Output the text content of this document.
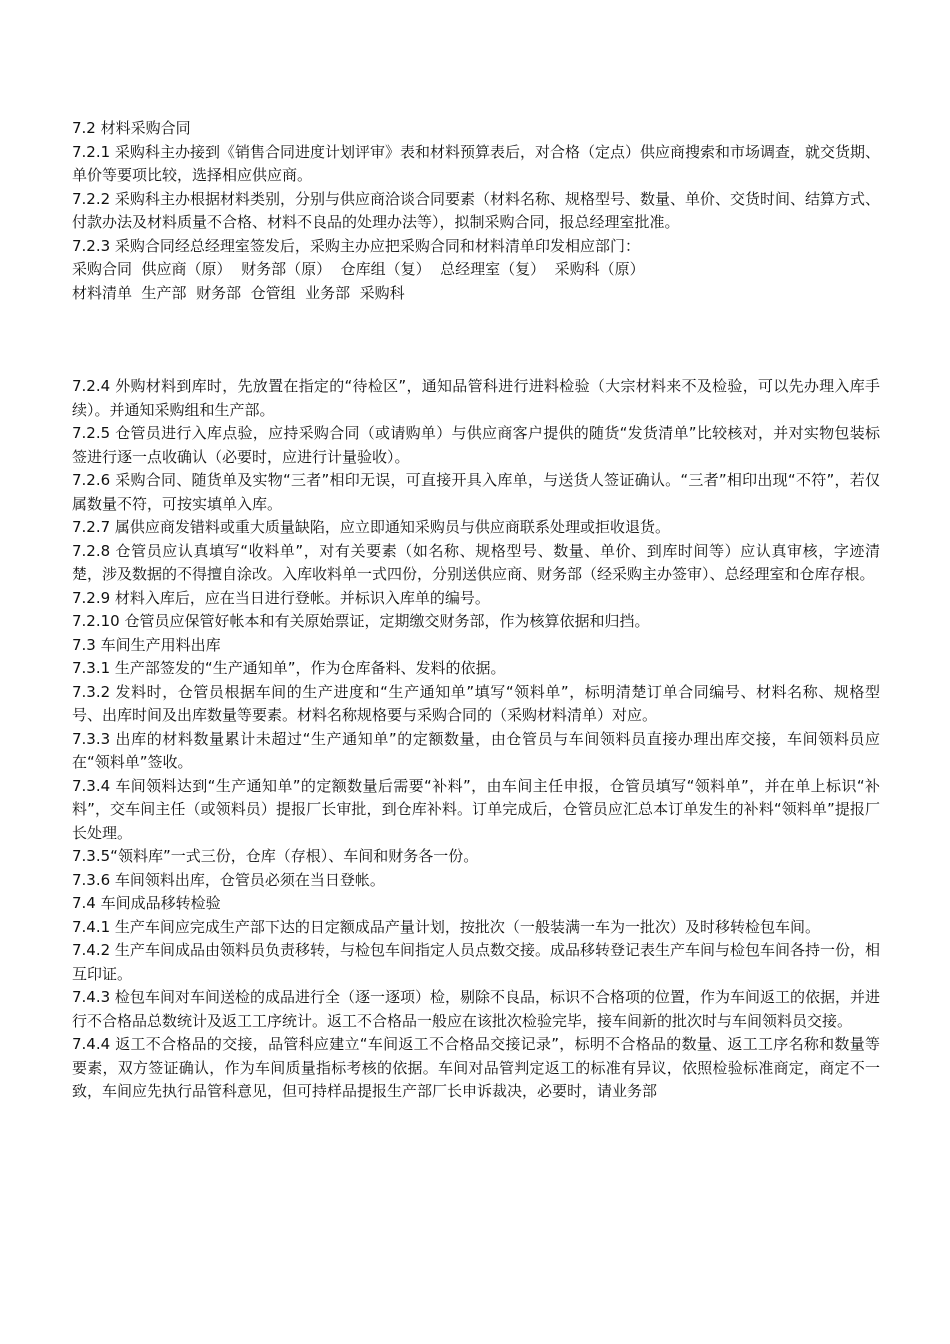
7.2 材料采购合同

7.2.1 采购科主办接到《销售合同进度计划评审》表和材料预算表后，对合格（定点）供应商搜索和市场调查，就交货期、单价等要项比较，选择相应供应商。

7.2.2 采购科主办根据材料类别，分别与供应商洽谈合同要素（材料名称、规格型号、数量、单价、交货时间、结算方式、付款办法及材料质量不合格、材料不良品的处理办法等），拟制采购合同，报总经理室批准。

7.2.3 采购合同经总经理室签发后，采购主办应把采购合同和材料清单印发相应部门：

采购合同  供应商（原）  财务部（原）  仓库组（复）  总经理室（复）  采购科（原）

材料清单  生产部  财务部  仓管组  业务部  采购科

7.2.4 外购材料到库时，先放置在指定的“待检区”，通知品管科进行进料检验（大宗材料来不及检验，可以先办理入库手续）。并通知采购组和生产部。

7.2.5 仓管员进行入库点验，应持采购合同（或请购单）与供应商客户提供的随货“发货清单”比较核对，并对实物包装标签进行逐一点收确认（必要时，应进行计量验收）。

7.2.6 采购合同、随货单及实物“三者”相印无误，可直接开具入库单，与送货人签证确认。“三者”相印出现“不符”，若仅属数量不符，可按实填单入库。

7.2.7 属供应商发错料或重大质量缺陷，应立即通知采购员与供应商联系处理或拒收退货。

7.2.8 仓管员应认真填写“收料单”，对有关要素（如名称、规格型号、数量、单价、到库时间等）应认真审核，字迹清楚，涉及数据的不得擅自涂改。入库收料单一式四份，分别送供应商、财务部（经采购主办签审）、总经理室和仓库存根。

7.2.9 材料入库后，应在当日进行登帐。并标识入库单的编号。

7.2.10 仓管员应保管好帐本和有关原始票证，定期缴交财务部，作为核算依据和归挡。

7.3 车间生产用料出库

7.3.1 生产部签发的“生产通知单”，作为仓库备料、发料的依据。

7.3.2 发料时，仓管员根据车间的生产进度和“生产通知单”填写“领料单”，标明清楚订单合同编号、材料名称、规格型号、出库时间及出库数量等要素。材料名称规格要与采购合同的（采购材料清单）对应。

7.3.3 出库的材料数量累计未超过“生产通知单”的定额数量，由仓管员与车间领料员直接办理出库交接，车间领料员应在“领料单”签收。

7.3.4 车间领料达到“生产通知单”的定额数量后需要“补料”，由车间主任申报，仓管员填写“领料单”，并在单上标识“补料”，交车间主任（或领料员）提报厂长审批，到仓库补料。订单完成后，仓管员应汇总本订单发生的补料“领料单”提报厂长处理。

7.3.5“领料库”一式三份，仓库（存根）、车间和财务各一份。

7.3.6 车间领料出库，仓管员必须在当日登帐。

7.4 车间成品移转检验

7.4.1 生产车间应完成生产部下达的日定额成品产量计划，按批次（一般装满一车为一批次）及时移转检包车间。

7.4.2 生产车间成品由领料员负责移转，与检包车间指定人员点数交接。成品移转登记表生产车间与检包车间各持一份，相互印证。

7.4.3 检包车间对车间送检的成品进行全（逐一逐项）检，剔除不良品，标识不合格项的位置，作为车间返工的依据，并进行不合格品总数统计及返工工序统计。返工不合格品一般应在该批次检验完毕，接车间新的批次时与车间领料员交接。

7.4.4 返工不合格品的交接，品管科应建立“车间返工不合格品交接记录”，标明不合格品的数量、返工工序名称和数量等要素，双方签证确认，作为车间质量指标考核的依据。车间对品管判定返工的标准有异议，依照检验标准商定，商定不一致，车间应先执行品管科意见，但可持样品提报生产部厂长申诉裁决，必要时，请业务部
